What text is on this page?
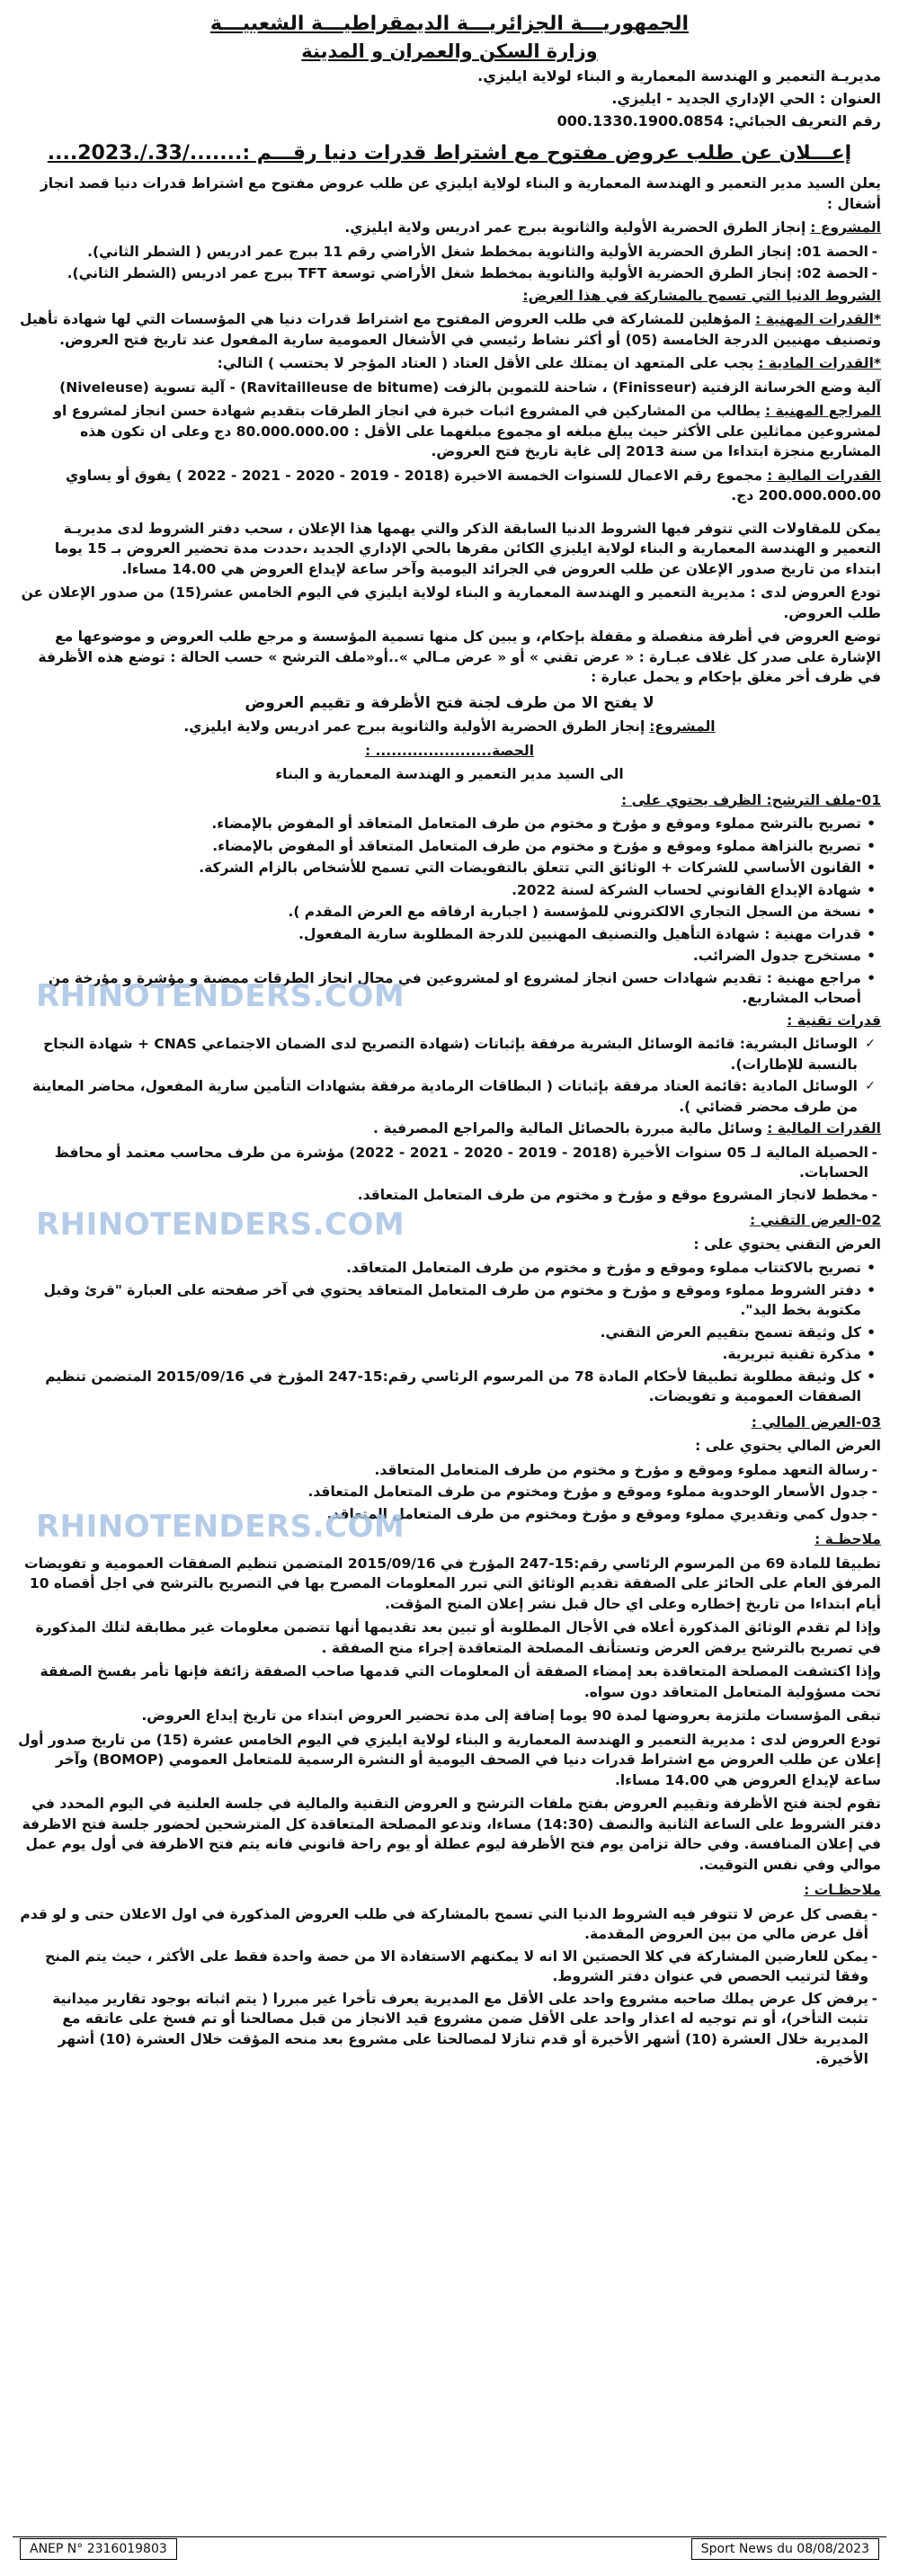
الجمهوريـــة الجزائريـــة الديمقراطيـــة الشعبيـــة
وزارة السكن والعمران و المدينة
مديريـة التعمير و الهندسة المعمارية و البناء لولاية ايليزي.
العنوان : الحي الإداري الجديد - ايليزي.
رقم التعريف الجبائي: 000.1330.1900.0854
إعـــلان عن طلب عروض مفتوح مع اشتراط قدرات دنيا رقـــم :......./33./.2023....

يعلن السيد مدير التعمير و الهندسة المعمارية و البناء لولاية ايليزي عن طلب عروض مفتوح مع اشتراط قدرات دنيا قصد انجاز أشغال :

المشروع : إنجاز الطرق الحضرية الأولية والثانوية ببرج عمر ادريس ولاية ايليزي.

- الحصة 01: إنجاز الطرق الحضرية الأولية والثانوية بمخطط شغل الأراضي رقم 11 ببرج عمر ادريس ( الشطر الثاني).
- الحصة 02: إنجاز الطرق الحضرية الأولية والثانوية بمخطط شغل الأراضي توسعة TFT ببرج عمر ادريس (الشطر الثاني).

الشروط الدنيا التي تسمح بالمشاركة في هذا العرض:

*القدرات المهنية : المؤهلين للمشاركة في طلب العروض المفتوح مع اشتراط قدرات دنيا هي المؤسسات التي لها شهادة تأهيل وتصنيف مهنيين الدرجة الخامسة (05) أو أكثر نشاط رئيسي في الأشغال العمومية سارية المفعول عند تاريخ فتح العروض.

*القدرات المادية : يجب على المتعهد ان يمتلك على الأقل العتاد ( العتاد المؤجر لا يحتسب ) التالي:

آلية وضع الخرسانة الزفتية (Finisseur) ، شاحنة للتموين بالزفت (Ravitailleuse de bitume) - آلية تسوية (Niveleuse)

المراجع المهنية : يطالب من المشاركين في المشروع اثبات خبرة في انجاز الطرقات بتقديم شهادة حسن انجاز لمشروع او لمشروعين مماثلين على الأكثر حيث يبلغ مبلغه او مجموع مبلغهما على الأقل : 80.000.000.00 دج وعلى ان تكون هذه المشاريع منجزة ابتداءا من سنة 2013 إلى غاية تاريخ فتح العروض.

القدرات المالية : مجموع رقم الاعمال للسنوات الخمسة الاخيرة (2018 - 2019 - 2020 - 2021 - 2022 ) يفوق أو يساوي 200.000.000.00 دج.

يمكن للمقاولات التي تتوفر فيها الشروط الدنيا السابقة الذكر والتي يهمها هذا الإعلان ، سحب دفتر الشروط لدى مديريـة التعمير و الهندسة المعمارية و البناء لولاية ايليزي الكائن مقرها بالحي الإداري الجديد ،حددت مدة تحضير العروض بـ 15 يوما ابتداء من تاريخ صدور الإعلان عن طلب العروض في الجرائد اليومية وآخر ساعة لإيداع العروض هي 14.00 مساءا.

تودع العروض لدى : مديرية التعمير و الهندسة المعمارية و البناء لولاية ايليزي في اليوم الخامس عشر(15) من صدور الإعلان عن طلب العروض.

توضع العروض في أظرفة منفصلة و مقفلة بإحكام، و يبين كل منها تسمية المؤسسة و مرجع طلب العروض و موضوعها مع الإشارة على صدر كل غلاف عبـارة : « عرض تقني » أو « عرض مـالي »..أو«ملف الترشح » حسب الحالة : توضع هذه الأظرفة في ظرف أخر مغلق بإحكام و يحمل عبارة :

لا يفتح الا من طرف لجنة فتح الأظرفة و تقييم العروض

المشروع: إنجاز الطرق الحضرية الأولية والثانوية ببرج عمر ادريس ولاية ايليزي.

الحصة...................... :

الى السيد مدير التعمير و الهندسة المعمارية و البناء

01-ملف الترشح: الظرف يحتوي على :

• تصريح بالترشح مملوء وموقع و مؤرخ و مختوم من طرف المتعامل المتعاقد أو المفوض بالإمضاء.
• تصريح بالنزاهة مملوء وموقع و مؤرخ و مختوم من طرف المتعامل المتعاقد أو المفوض بالإمضاء.
• القانون الأساسي للشركات + الوثائق التي تتعلق بالتفويضات التي تسمح للأشخاص بالزام الشركة.
• شهادة الإيداع القانوني لحساب الشركة لسنة 2022.
• نسخة من السجل التجاري الالكتروني للمؤسسة ( اجبارية ارفاقه مع العرض المقدم ).
• قدرات مهنية : شهادة التأهيل والتصنيف المهنيين للدرجة المطلوبة سارية المفعول.
• مستخرج جدول الضرائب.
• مراجع مهنية : تقديم شهادات حسن انجاز لمشروع او لمشروعين في مجال انجاز الطرقات ممضية و مؤشرة و مؤرخة من أصحاب المشاريع.

قدرات تقنية :

✓ الوسائل البشرية: قائمة الوسائل البشرية مرفقة بإثباتات (شهادة التصريح لدى الضمان الاجتماعي CNAS + شهادة النجاح بالنسبة للإطارات).
✓ الوسائل المادية :قائمة العتاد مرفقة بإثباتات ( البطاقات الرمادية مرفقة بشهادات التأمين سارية المفعول، محاضر المعاينة من طرف محضر قضائي ).

القدرات المالية : وسائل مالية مبررة بالحصائل المالية والمراجع المصرفية .

- الحصيلة المالية لـ 05 سنوات الأخيرة (2018 - 2019 - 2020 - 2021 - 2022) مؤشرة من طرف محاسب معتمد أو محافظ الحسابات.
- مخطط لانجاز المشروع موقع و مؤرخ و مختوم من طرف المتعامل المتعاقد.

02-العرض التقني :

العرض التقني يحتوي على :

• تصريح بالاكتتاب مملوء وموقع و مؤرخ و مختوم من طرف المتعامل المتعاقد.
• دفتر الشروط مملوء وموقع و مؤرخ و مختوم من طرف المتعامل المتعاقد يحتوي في آخر صفحته على العبارة "قرئ وقبل مكتوبة بخط اليد".
• كل وثيقة تسمح بتقييم العرض التقني.
• مذكرة تقنية تبريرية.
• كل وثيقة مطلوبة تطبيقا لأحكام المادة 78 من المرسوم الرئاسي رقم:15-247 المؤرخ في 2015/09/16 المتضمن تنظيم الصفقات العمومية و تفويضات.

03-العرض المالي :

العرض المالي يحتوي على :

- رسالة التعهد مملوء وموقع و مؤرخ و مختوم من طرف المتعامل المتعاقد.
- جدول الأسعار الوحدوية مملوء وموقع و مؤرخ ومختوم من طرف المتعامل المتعاقد.
- جدول كمي وتقديري مملوء وموقع و مؤرخ ومختوم من طرف المتعامل المتعاقد.

ملاحظـة :

تطبيقا للمادة 69 من المرسوم الرئاسي رقم:15-247 المؤرخ في 2015/09/16 المتضمن تنظيم الصفقات العمومية و تفويضات المرفق العام على الحائز على الصفقة تقديم الوثائق التي تبرر المعلومات المصرح بها في التصريح بالترشح في اجل أقصاه 10 أيام ابتداءا من تاريخ إخطاره وعلى اي حال قبل نشر إعلان المنح المؤقت.

وإذا لم تقدم الوثائق المذكورة أعلاه في الأجال المطلوبة أو تبين بعد تقديمها أنها تتضمن معلومات غير مطابقة لتلك المذكورة في تصريح بالترشح يرفض العرض وتستأنف المصلحة المتعاقدة إجراء منح الصفقة .

وإذا اكتشفت المصلحة المتعاقدة بعد إمضاء الصفقة أن المعلومات التي قدمها صاحب الصفقة زائفة فإنها تأمر بفسخ الصفقة تحت مسؤولية المتعامل المتعاقد دون سواه.

تبقى المؤسسات ملتزمة بعروضها لمدة 90 يوما إضافة إلى مدة تحضير العروض ابتداء من تاريخ إيداع العروض.

تودع العروض لدى : مديرية التعمير و الهندسة المعمارية و البناء لولاية ايليزي في اليوم الخامس عشرة (15) من تاريخ صدور أول إعلان عن طلب العروض مع اشتراط قدرات دنيا في الصحف اليومية أو النشرة الرسمية للمتعامل العمومي (BOMOP) وآخر ساعة لإيداع العروض هي 14.00 مساءا.

تقوم لجنة فتح الأظرفة وتقييم العروض بفتح ملفات الترشح و العروض التقنية والمالية في جلسة العلنية في اليوم المحدد في دفتر الشروط على الساعة الثانية والنصف (14:30) مساءا، وتدعو المصلحة المتعاقدة كل المترشحين لحضور جلسة فتح الاظرفة في إعلان المنافسة. وفي حالة تزامن يوم فتح الأظرفة ليوم عطلة أو يوم راحة قانوني فانه يتم فتح الاظرفة في أول يوم عمل موالي وفي نفس التوقيت.

ملاحظـات :

- يقصى كل عرض لا تتوفر فيه الشروط الدنيا التي تسمح بالمشاركة في طلب العروض المذكورة في اول الاعلان حتى و لو قدم أقل عرض مالي من بين العروض المقدمة.
- يمكن للعارضين المشاركة في كلا الحصتين الا انه لا يمكنهم الاستفادة الا من حصة واحدة فقط على الأكثر ، حيث يتم المنح وفقا لترتيب الحصص في عنوان دفتر الشروط.
- يرفض كل عرض يملك صاحبه مشروع واحد على الأقل مع المديرية يعرف تأخرا غير مبررا ( يتم اثباته بوجود تقارير ميدانية تثبت التأخر)، أو تم توجيه له اعذار واحد على الأقل ضمن مشروع قيد الانجاز من قبل مصالحنا أو تم فسخ على عاتقه مع المديرية خلال العشرة (10) أشهر الأخيرة أو قدم تنازلا لمصالحنا على مشروع بعد منحه المؤقت خلال العشرة (10) أشهر الأخيرة.
ANEP N° 2316019803	Sport News du 08/08/2023
RHINOTENDERS.COM
RHINOTENDERS.COM
RHINOTENDERS.COM
